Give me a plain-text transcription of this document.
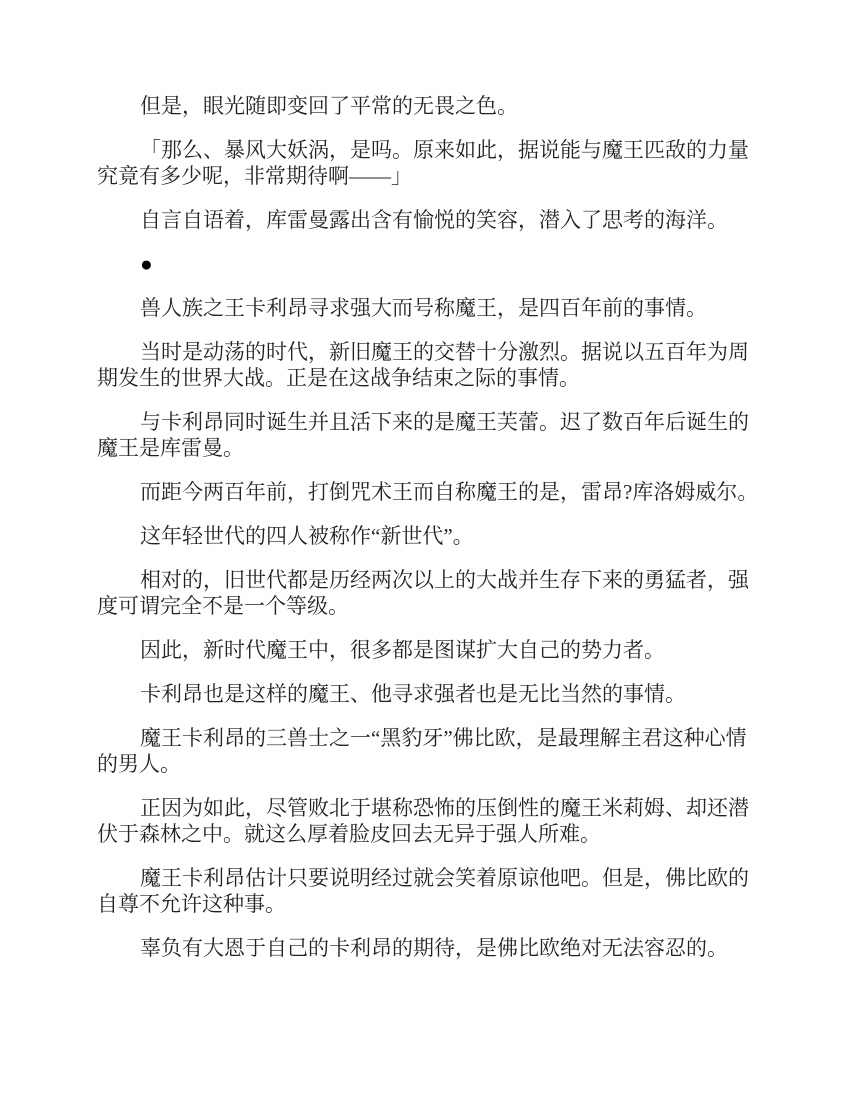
但是，眼光随即变回了平常的无畏之色。

「那么、暴风大妖涡，是吗。原来如此，据说能与魔王匹敌的力量究竟有多少呢，非常期待啊——」

自言自语着，库雷曼露出含有愉悦的笑容，潜入了思考的海洋。

●

兽人族之王卡利昂寻求强大而号称魔王，是四百年前的事情。

当时是动荡的时代，新旧魔王的交替十分激烈。据说以五百年为周期发生的世界大战。正是在这战争结束之际的事情。

与卡利昂同时诞生并且活下来的是魔王芙蕾。迟了数百年后诞生的魔王是库雷曼。

而距今两百年前，打倒咒术王而自称魔王的是，雷昂?库洛姆威尔。

这年轻世代的四人被称作“新世代”。

相对的，旧世代都是历经两次以上的大战并生存下来的勇猛者，强度可谓完全不是一个等级。

因此，新时代魔王中，很多都是图谋扩大自己的势力者。

卡利昂也是这样的魔王、他寻求强者也是无比当然的事情。

魔王卡利昂的三兽士之一“黑豹牙”佛比欧，是最理解主君这种心情的男人。

正因为如此，尽管败北于堪称恐怖的压倒性的魔王米莉姆、却还潜伏于森林之中。就这么厚着脸皮回去无异于强人所难。

魔王卡利昂估计只要说明经过就会笑着原谅他吧。但是，佛比欧的自尊不允许这种事。

辜负有大恩于自己的卡利昂的期待，是佛比欧绝对无法容忍的。
